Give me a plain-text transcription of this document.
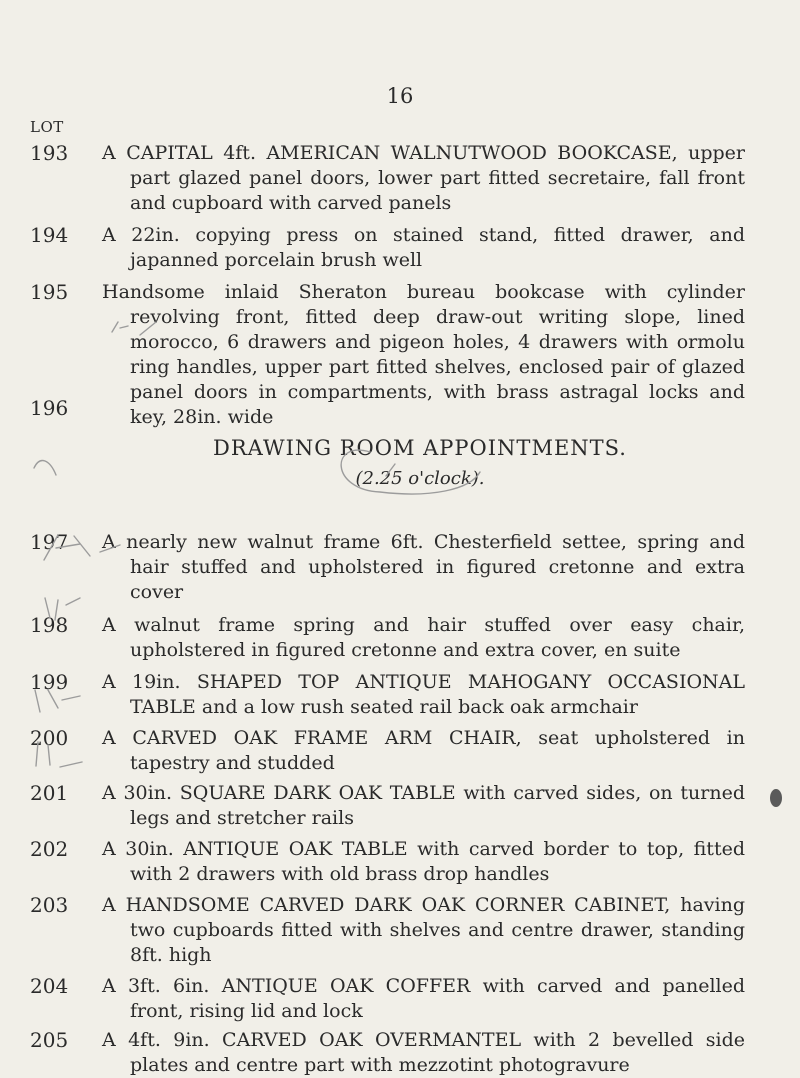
16
LOT
193 A CAPITAL 4ft. AMERICAN WALNUTWOOD BOOKCASE, upper part glazed panel doors, lower part fitted secretaire, fall front and cupboard with carved panels
194 A 22in. copying press on stained stand, fitted drawer, and japanned porcelain brush well
195 Handsome inlaid Sheraton bureau bookcase with cylinder revolving front, fitted deep draw-out writing slope, lined morocco, 6 drawers and pigeon holes, 4 drawers with ormolu ring handles, upper part fitted shelves, enclosed pair of glazed panel doors in compartments, with brass astragal locks and key, 28in. wide
196
DRAWING ROOM APPOINTMENTS.
(2.25 o'clock).
197 A nearly new walnut frame 6ft. Chesterfield settee, spring and hair stuffed and upholstered in figured cretonne and extra cover
198 A walnut frame spring and hair stuffed over easy chair, upholstered in figured cretonne and extra cover, en suite
199 A 19in. SHAPED TOP ANTIQUE MAHOGANY OCCASIONAL TABLE and a low rush seated rail back oak armchair
200 A CARVED OAK FRAME ARM CHAIR, seat upholstered in tapestry and studded
201 A 30in. SQUARE DARK OAK TABLE with carved sides, on turned legs and stretcher rails
202 A 30in. ANTIQUE OAK TABLE with carved border to top, fitted with 2 drawers with old brass drop handles
203 A HANDSOME CARVED DARK OAK CORNER CABINET, having two cupboards fitted with shelves and centre drawer, standing 8ft. high
204 A 3ft. 6in. ANTIQUE OAK COFFER with carved and panelled front, rising lid and lock
205 A 4ft. 9in. CARVED OAK OVERMANTEL with 2 bevelled side plates and centre part with mezzotint photogravure
